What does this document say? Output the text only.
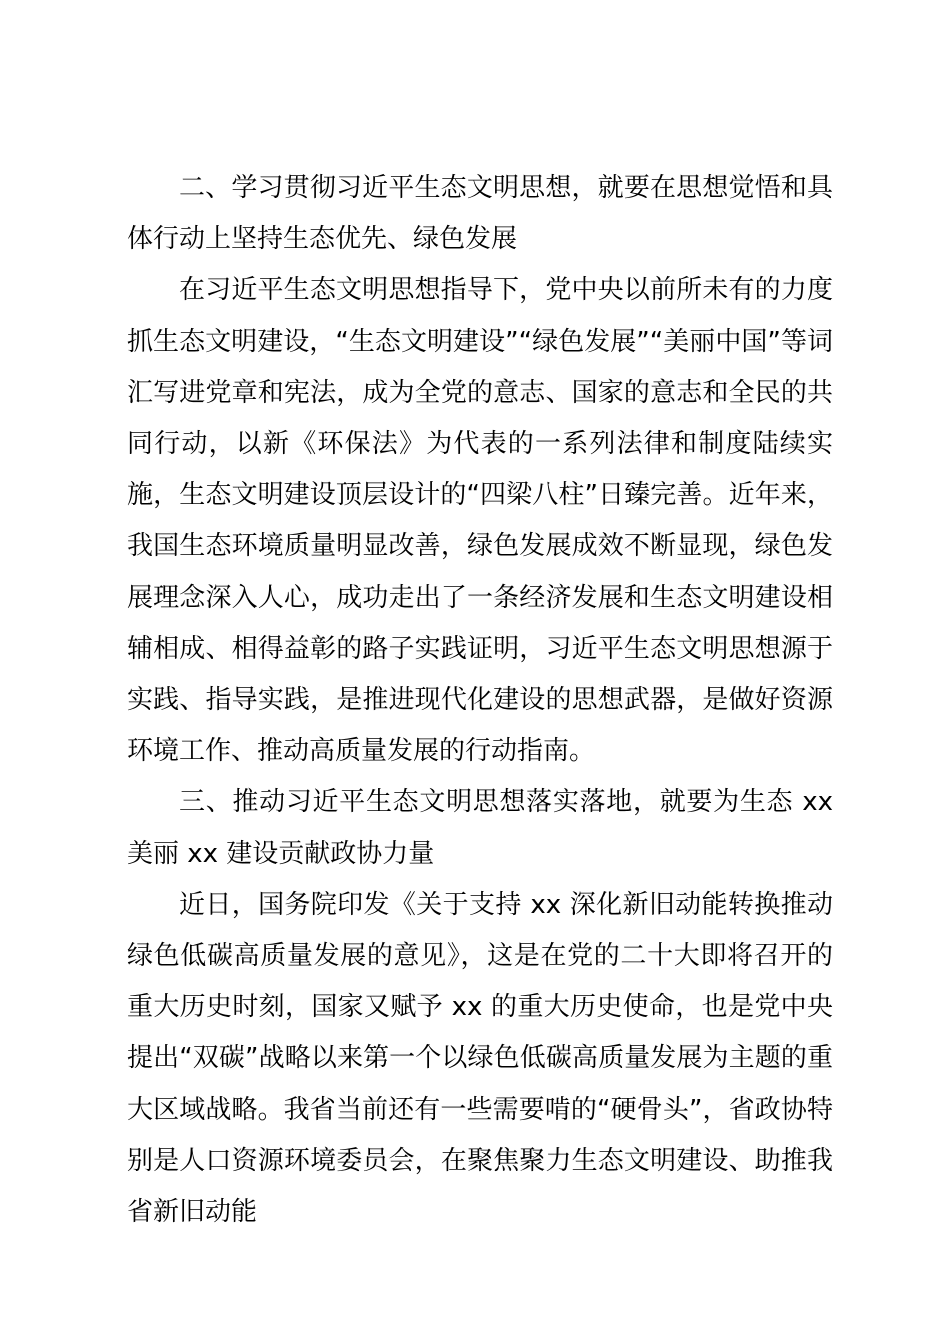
二、学习贯彻习近平生态文明思想，就要在思想觉悟和具体行动上坚持生态优先、绿色发展

在习近平生态文明思想指导下，党中央以前所未有的力度抓生态文明建设，“生态文明建设”“绿色发展”“美丽中国”等词汇写进党章和宪法，成为全党的意志、国家的意志和全民的共同行动，以新《环保法》为代表的一系列法律和制度陆续实施，生态文明建设顶层设计的“四梁八柱”日臻完善。近年来，我国生态环境质量明显改善，绿色发展成效不断显现，绿色发展理念深入人心，成功走出了一条经济发展和生态文明建设相辅相成、相得益彰的路子实践证明，习近平生态文明思想源于实践、指导实践，是推进现代化建设的思想武器，是做好资源环境工作、推动高质量发展的行动指南。

三、推动习近平生态文明思想落实落地，就要为生态 xx 美丽 xx 建设贡献政协力量

近日，国务院印发《关于支持 xx 深化新旧动能转换推动绿色低碳高质量发展的意见》，这是在党的二十大即将召开的重大历史时刻，国家又赋予 xx 的重大历史使命，也是党中央提出“双碳”战略以来第一个以绿色低碳高质量发展为主题的重大区域战略。我省当前还有一些需要啃的“硬骨头”，省政协特别是人口资源环境委员会，在聚焦聚力生态文明建设、助推我省新旧动能
